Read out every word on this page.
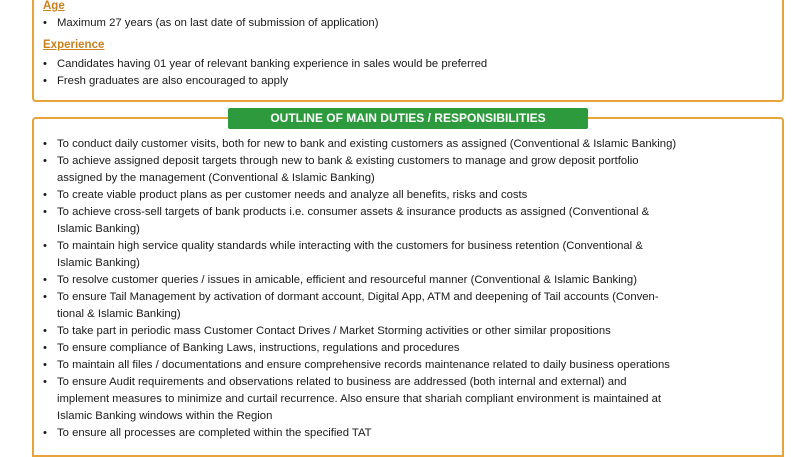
Age
• Maximum 27 years (as on last date of submission of application)
Experience
• Candidates having 01 year of relevant banking experience in sales would be preferred
• Fresh graduates are also encouraged to apply
OUTLINE OF MAIN DUTIES / RESPONSIBILITIES
• To conduct daily customer visits, both for new to bank and existing customers as assigned (Conventional & Islamic Banking)
• To achieve assigned deposit targets through new to bank & existing customers to manage and grow deposit portfolio
assigned by the management (Conventional & Islamic Banking)
• To create viable product plans as per customer needs and analyze all benefits, risks and costs
• To achieve cross-sell targets of bank products i.e. consumer assets & insurance products as assigned (Conventional &
Islamic Banking)
• To maintain high service quality standards while interacting with the customers for business retention (Conventional &
Islamic Banking)
• To resolve customer queries / issues in amicable, efficient and resourceful manner (Conventional & Islamic Banking)
• To ensure Tail Management by activation of dormant account, Digital App, ATM and deepening of Tail accounts (Conven-
tional & Islamic Banking)
• To take part in periodic mass Customer Contact Drives / Market Storming activities or other similar propositions
• To ensure compliance of Banking Laws, instructions, regulations and procedures
• To maintain all files / documentations and ensure comprehensive records maintenance related to daily business operations
• To ensure Audit requirements and observations related to business are addressed (both internal and external) and
implement measures to minimize and curtail recurrence. Also ensure that shariah compliant environment is maintained at
Islamic Banking windows within the Region
• To ensure all processes are completed within the specified TAT
